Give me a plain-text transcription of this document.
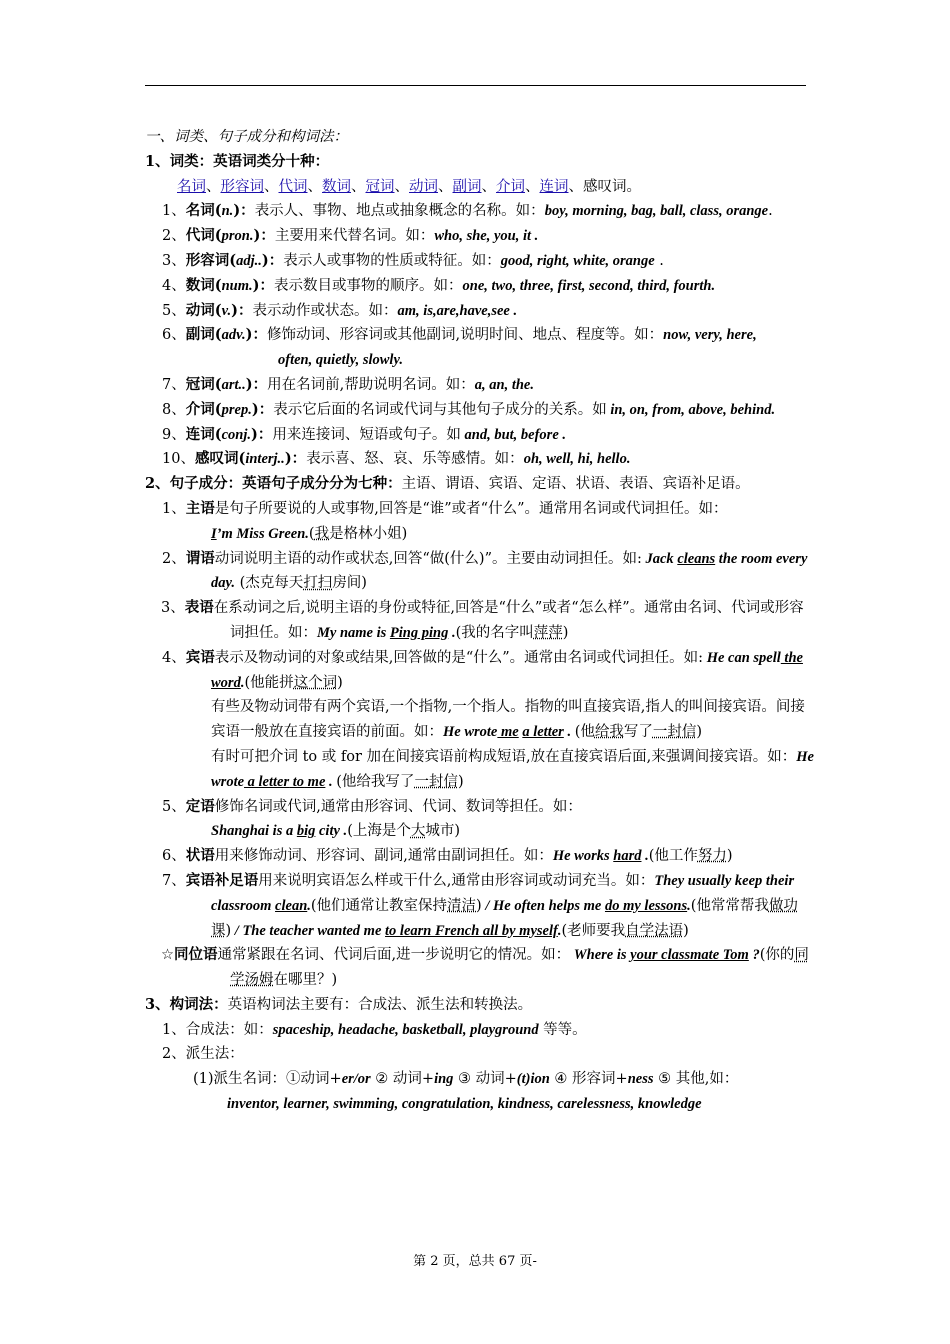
一、词类、句子成分和构词法：

1、词类：英语词类分十种：

名词、形容词、代词、数词、冠词、动词、副词、介词、连词、感叹词。

1、名词(n.)：表示人、事物、地点或抽象概念的名称。如：boy, morning, bag, ball, class, orange.

2、代词(pron.)：主要用来代替名词。如：who, she, you, it .

3、形容词(adj..)：表示人或事物的性质或特征。如：good, right, white, orange .

4、数词(num.)：表示数目或事物的顺序。如：one, two, three, first, second, third, fourth.

5、动词(v.)：表示动作或状态。如：am, is,are,have,see .

6、副词(adv.)：修饰动词、形容词或其他副词,说明时间、地点、程度等。如：now, very, here,

often, quietly, slowly.

7、冠词(art..)：用在名词前,帮助说明名词。如：a, an, the.

8、介词(prep.)：表示它后面的名词或代词与其他句子成分的关系。如 in, on, from, above, behind.

9、连词(conj.)：用来连接词、短语或句子。如 and, but, before .

10、感叹词(interj..)：表示喜、怒、哀、乐等感情。如：oh, well, hi, hello.

2、句子成分：英语句子成分分为七种：主语、谓语、宾语、定语、状语、表语、宾语补足语。

1、主语是句子所要说的人或事物,回答是“谁”或者“什么”。通常用名词或代词担任。如：
I’m Miss Green.(我是格林小姐)

2、谓语动词说明主语的动作或状态,回答“做(什么)”。主要由动词担任。如: Jack cleans the room every day. (杰克每天打扫房间)

3、表语在系动词之后,说明主语的身份或特征,回答是“什么”或者“怎么样”。通常由名词、代词或形容词担任。如：My name is Ping ping .(我的名字叫萍萍)

4、宾语表示及物动词的对象或结果,回答做的是“什么”。通常由名词或代词担任。如: He can spell the word.(他能拼这个词)

有些及物动词带有两个宾语,一个指物,一个指人。指物的叫直接宾语,指人的叫间接宾语。间接宾语一般放在直接宾语的前面。如：He wrote me a letter . (他给我写了一封信)

有时可把介词 to 或 for 加在间接宾语前构成短语,放在直接宾语后面,来强调间接宾语。如：He wrote a letter to me . (他给我写了一封信)

5、定语修饰名词或代词,通常由形容词、代词、数词等担任。如：
Shanghai is a big city .(上海是个大城市)

6、状语用来修饰动词、形容词、副词,通常由副词担任。如：He works hard .(他工作努力)

7、宾语补足语用来说明宾语怎么样或干什么,通常由形容词或动词充当。如：They usually keep their classroom clean.(他们通常让教室保持清洁) / He often helps me do my lessons.(他常常帮我做功课) / The teacher wanted me to learn French all by myself.(老师要我自学法语)

☆同位语通常紧跟在名词、代词后面,进一步说明它的情况。如： Where is your classmate Tom ?(你的同学汤姆在哪里？)

3、构词法：英语构词法主要有：合成法、派生法和转换法。

1、合成法：如：spaceship, headache, basketball, playground 等等。

2、派生法：

(1)派生名词：①动词+er/or ② 动词+ing ③ 动词+(t)ion ④ 形容词+ness ⑤ 其他,如：

inventor, learner, swimming, congratulation, kindness, carelessness, knowledge

第 2 页，总共 67 页-
